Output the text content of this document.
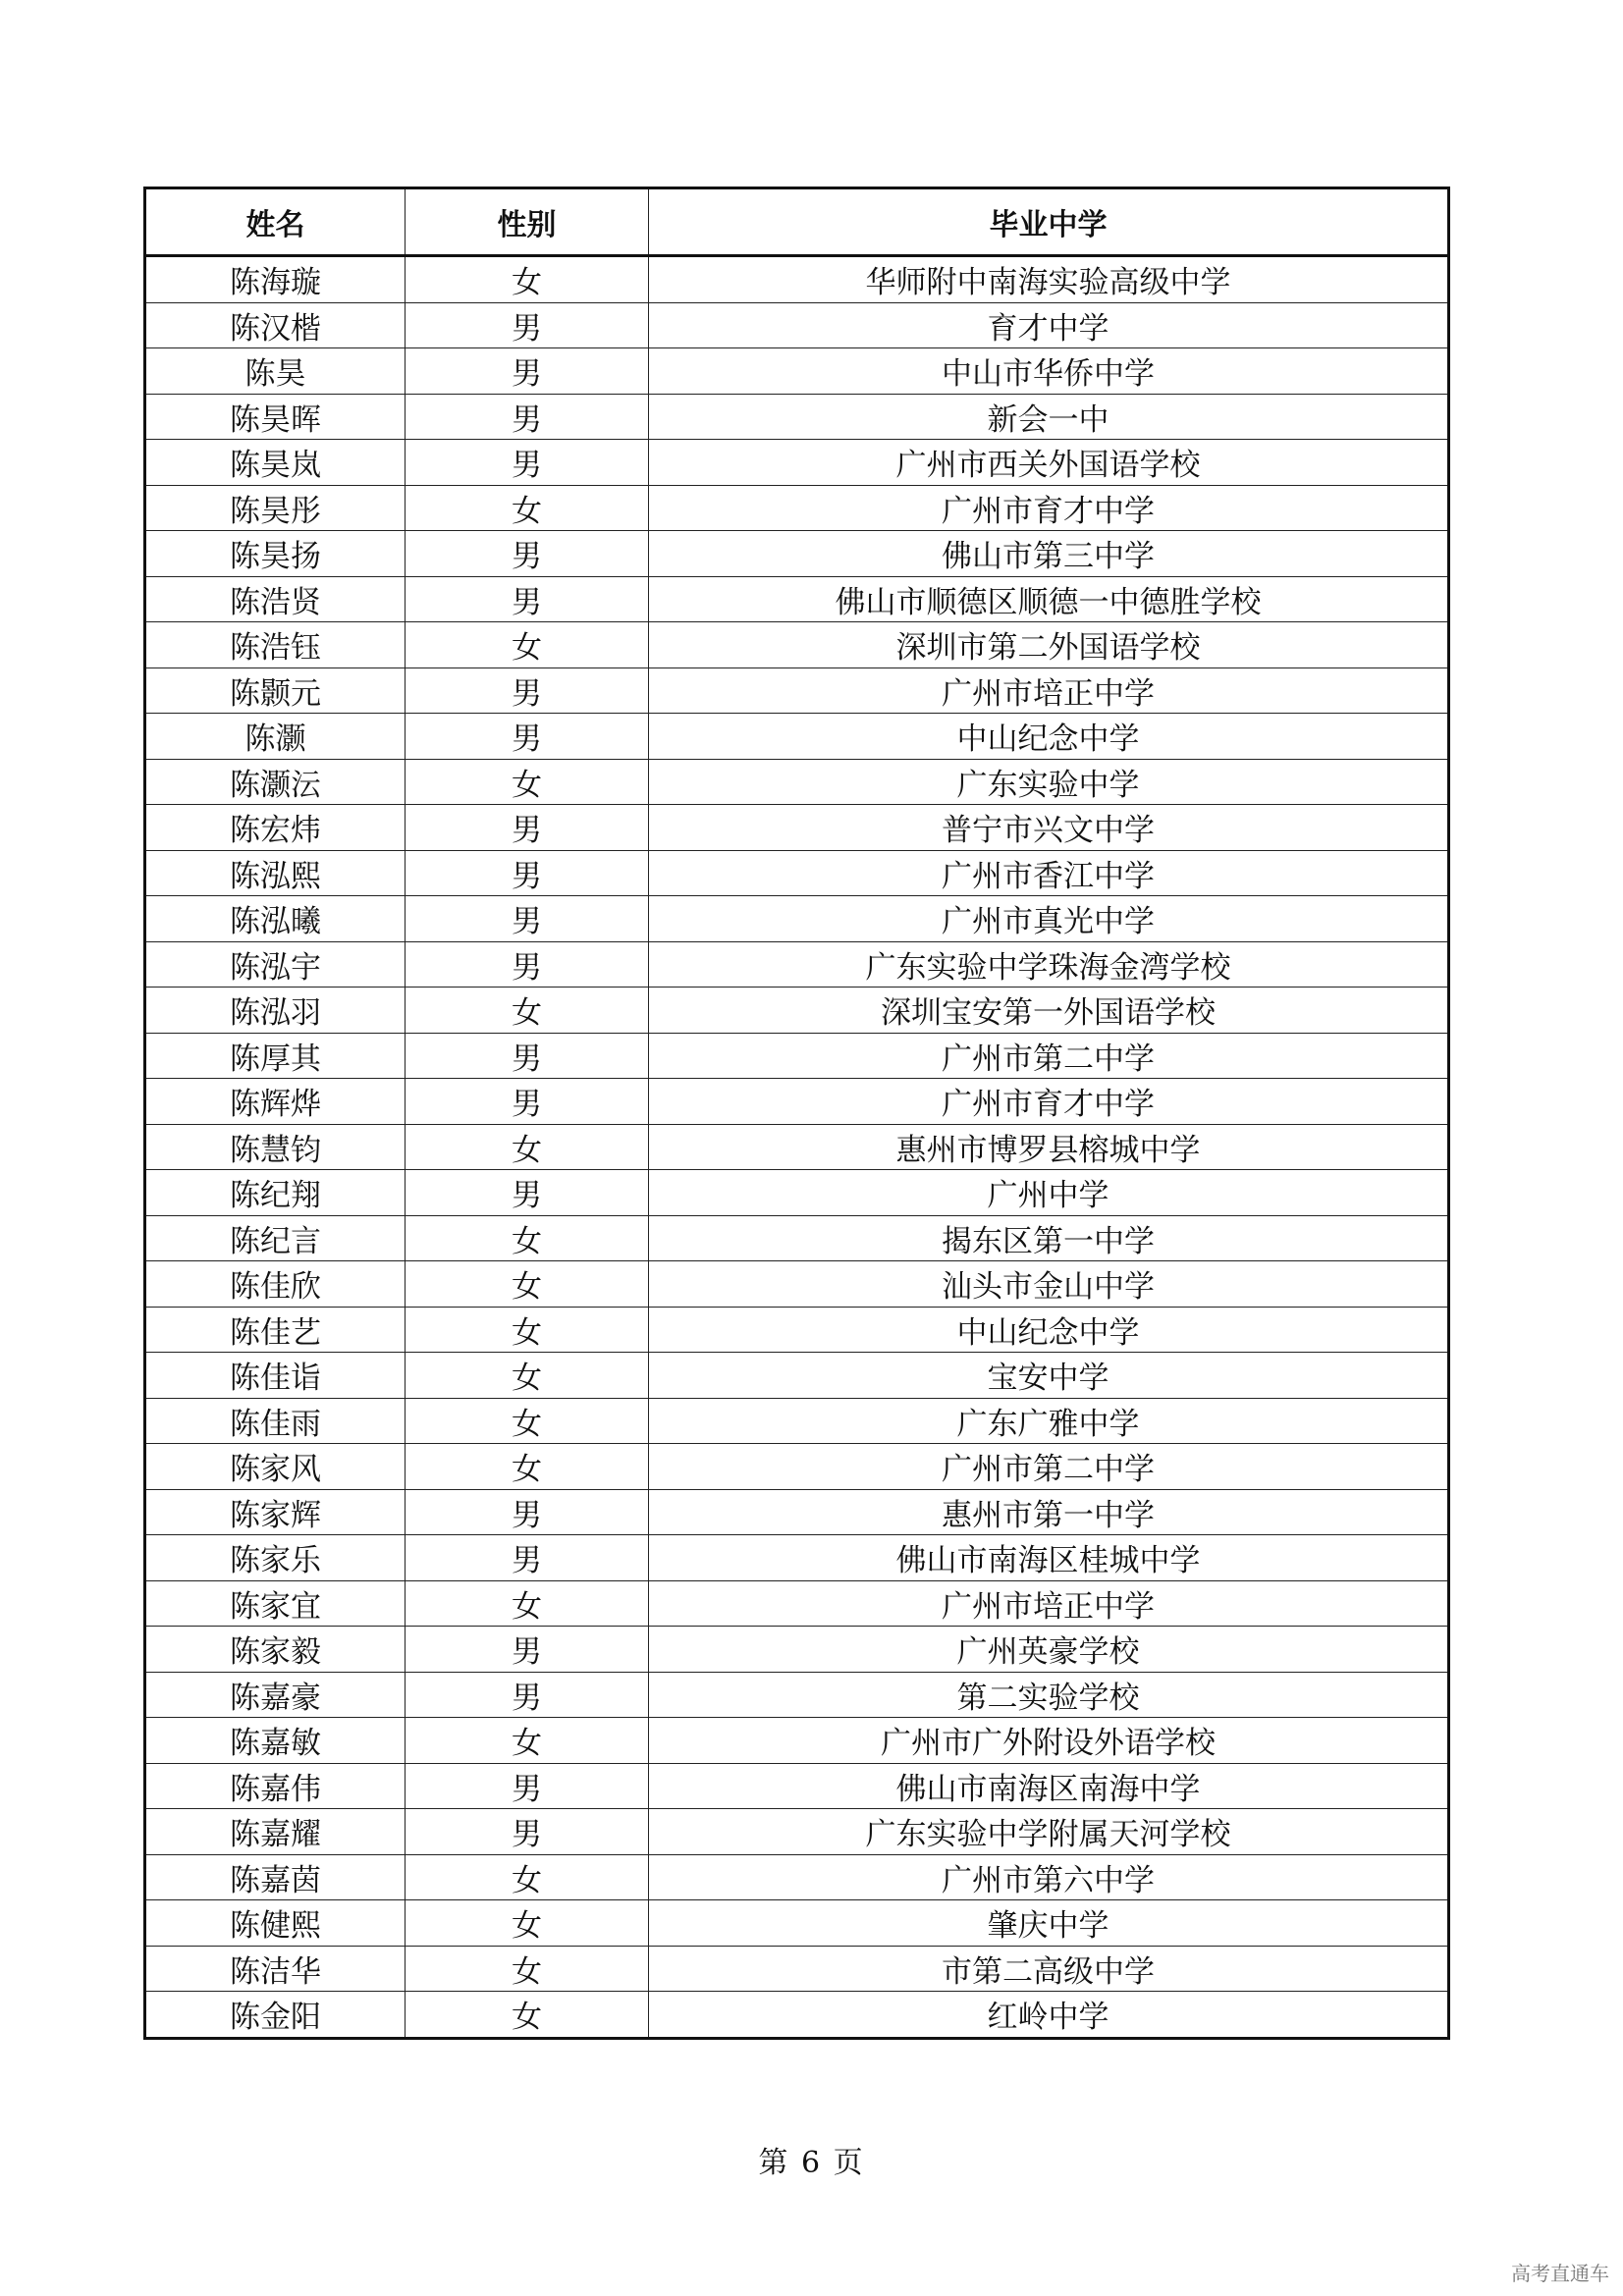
姓名	性别	毕业中学
陈海璇	女	华师附中南海实验高级中学
陈汉楷	男	育才中学
陈昊	男	中山市华侨中学
陈昊晖	男	新会一中
陈昊岚	男	广州市西关外国语学校
陈昊彤	女	广州市育才中学
陈昊扬	男	佛山市第三中学
陈浩贤	男	佛山市顺德区顺德一中德胜学校
陈浩钰	女	深圳市第二外国语学校
陈颢元	男	广州市培正中学
陈灏	男	中山纪念中学
陈灏沄	女	广东实验中学
陈宏炜	男	普宁市兴文中学
陈泓熙	男	广州市香江中学
陈泓曦	男	广州市真光中学
陈泓宇	男	广东实验中学珠海金湾学校
陈泓羽	女	深圳宝安第一外国语学校
陈厚其	男	广州市第二中学
陈辉烨	男	广州市育才中学
陈慧钧	女	惠州市博罗县榕城中学
陈纪翔	男	广州中学
陈纪言	女	揭东区第一中学
陈佳欣	女	汕头市金山中学
陈佳艺	女	中山纪念中学
陈佳诣	女	宝安中学
陈佳雨	女	广东广雅中学
陈家风	女	广州市第二中学
陈家辉	男	惠州市第一中学
陈家乐	男	佛山市南海区桂城中学
陈家宜	女	广州市培正中学
陈家毅	男	广州英豪学校
陈嘉豪	男	第二实验学校
陈嘉敏	女	广州市广外附设外语学校
陈嘉伟	男	佛山市南海区南海中学
陈嘉耀	男	广东实验中学附属天河学校
陈嘉茵	女	广州市第六中学
陈健熙	女	肇庆中学
陈洁华	女	市第二高级中学
陈金阳	女	红岭中学
第 6 页
高考直通车
